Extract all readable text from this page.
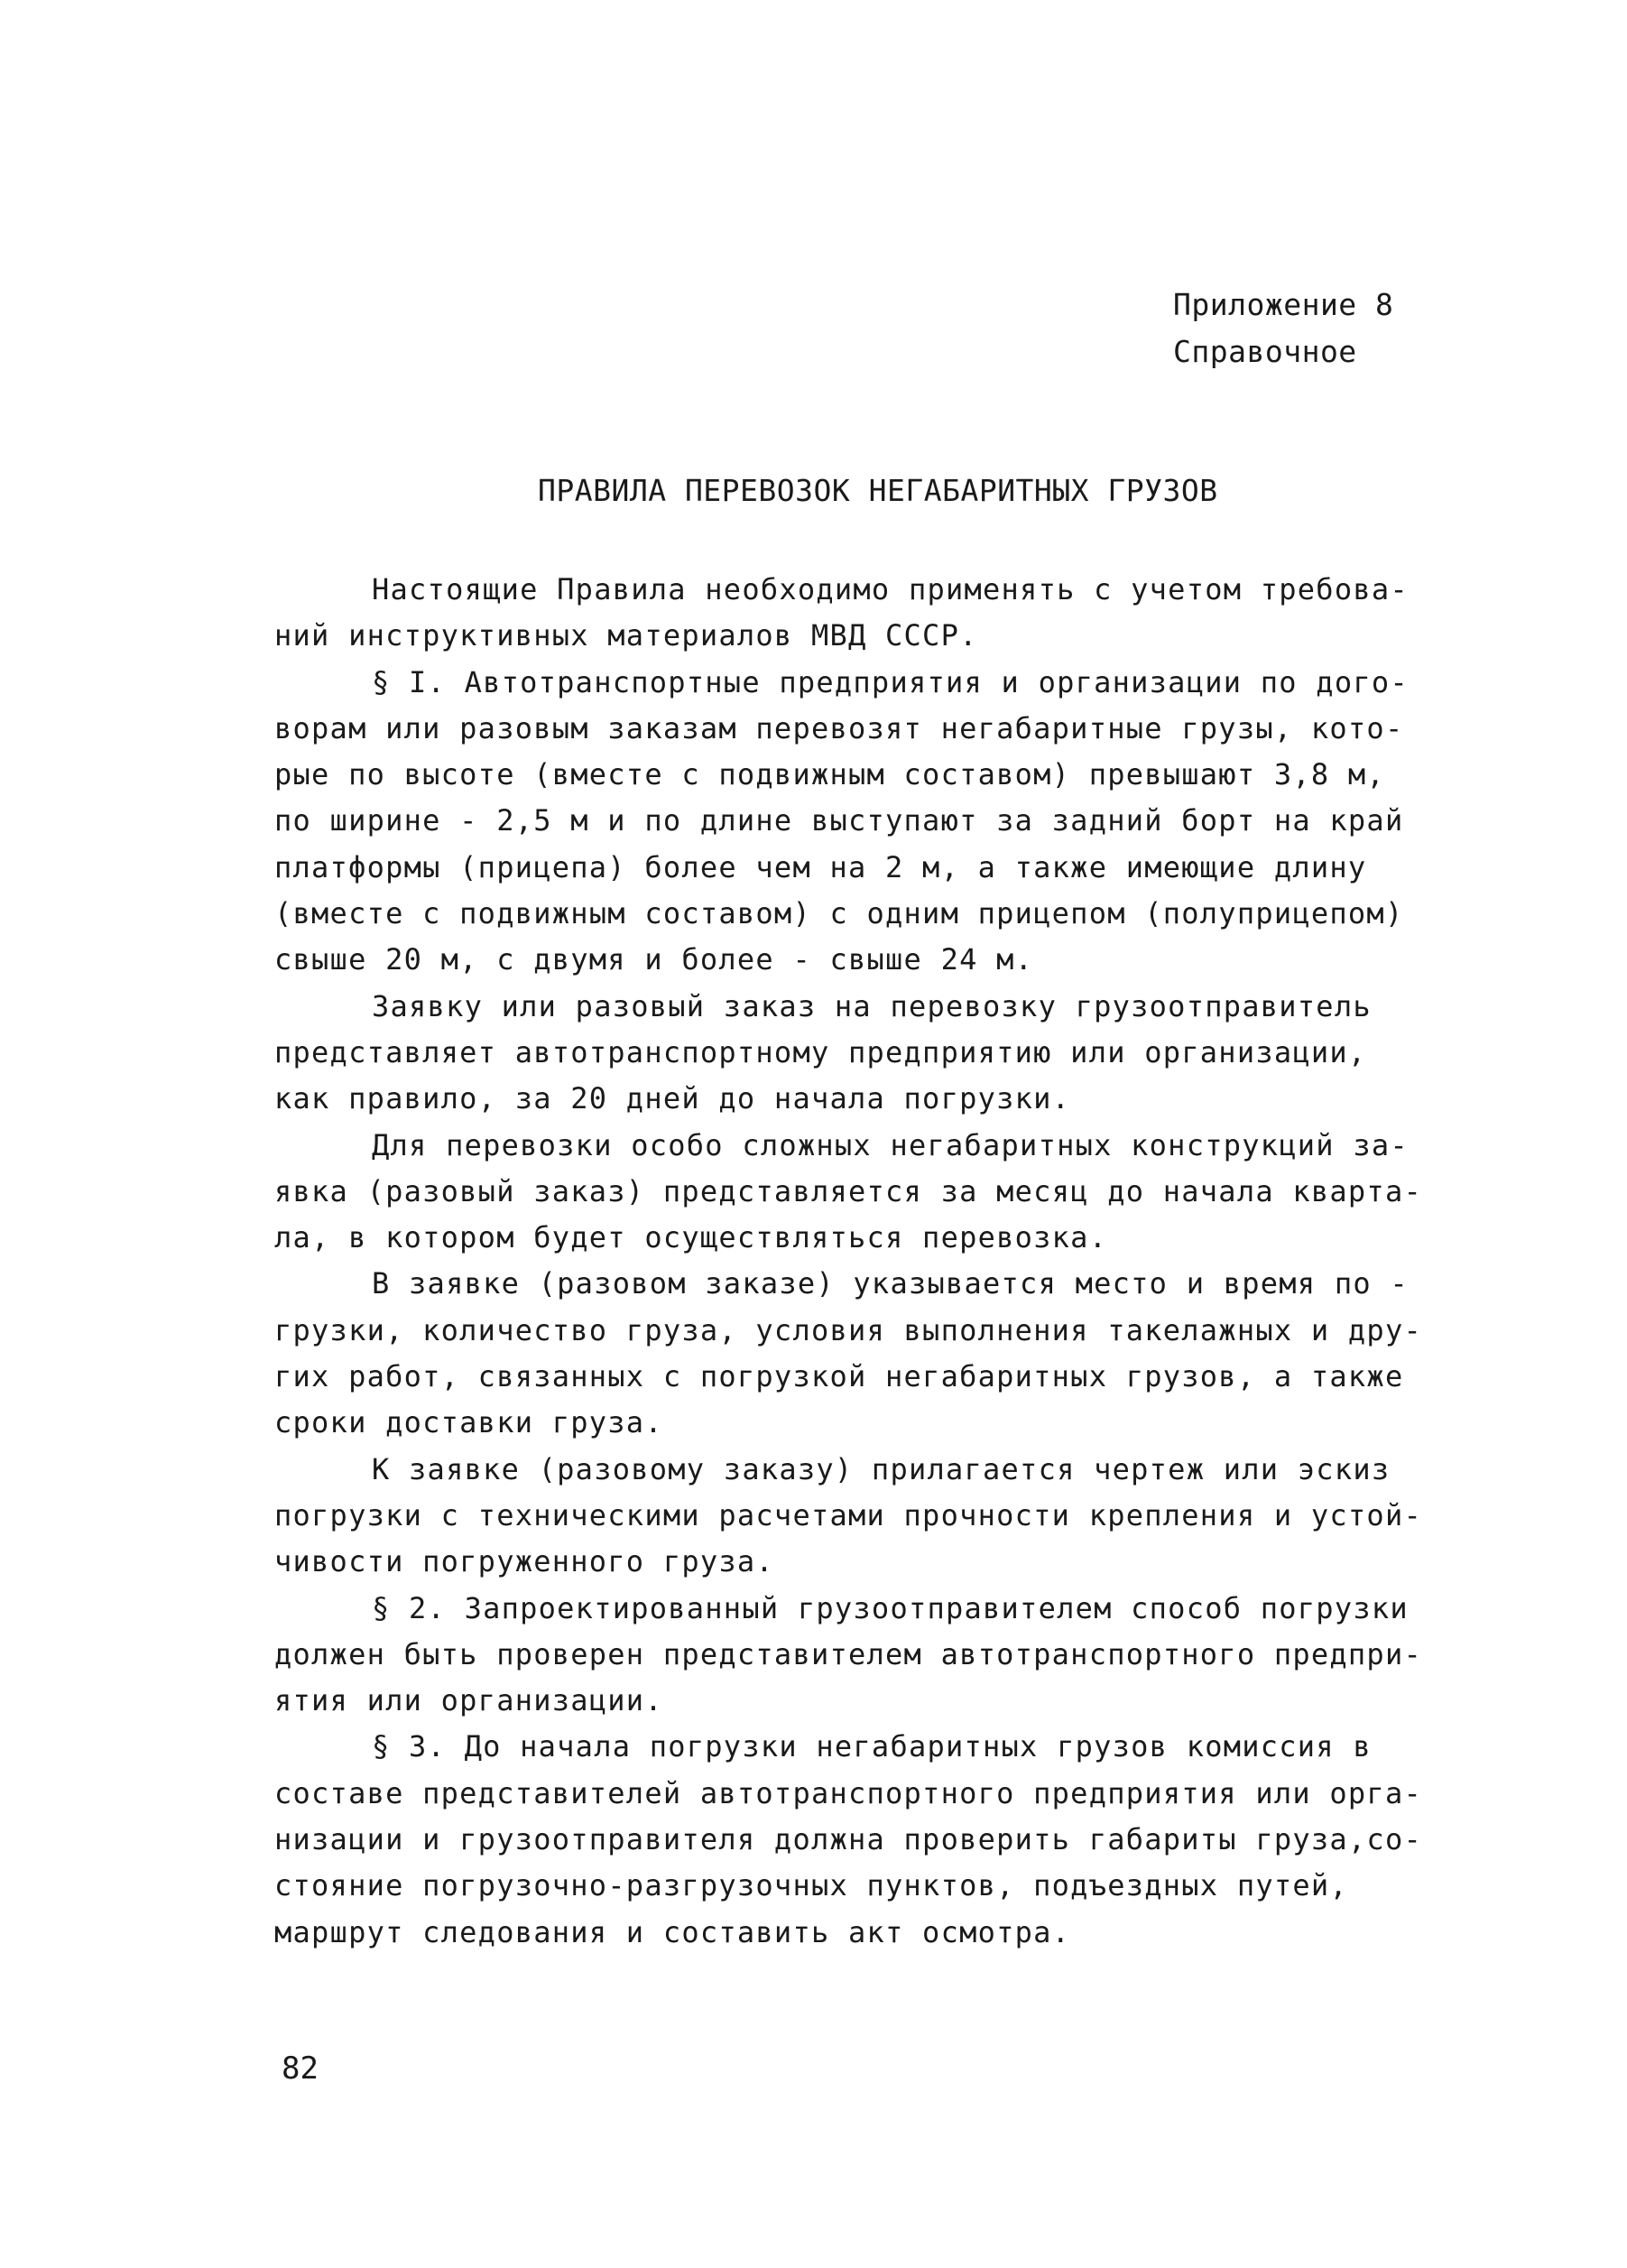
Приложение 8
Справочное
ПРАВИЛА ПЕРЕВОЗОК НЕГАБАРИТНЫХ ГРУЗОВ
Настоящие Правила необходимо применять с учетом требова-
ний инструктивных материалов МВД СССР.
§ I. Автотранспортные предприятия и организации по дого-
ворам или разовым заказам перевозят негабаритные грузы, кото-
рые по высоте (вместе с подвижным составом) превышают 3,8 м,
по ширине - 2,5 м и по длине выступают за задний борт на край
платформы (прицепа) более чем на 2 м, а также имеющие длину
(вместе с подвижным составом) с одним прицепом (полуприцепом)
свыше 20 м, с двумя и более - свыше 24 м.
Заявку или разовый заказ на перевозку грузоотправитель
представляет автотранспортному предприятию или организации,
как правило, за 20 дней до начала погрузки.
Для перевозки особо сложных негабаритных конструкций за-
явка (разовый заказ) представляется за месяц до начала кварта-
ла, в котором будет осуществляться перевозка.
В заявке (разовом заказе) указывается место и время по -
грузки, количество груза, условия выполнения такелажных и дру-
гих работ, связанных с погрузкой негабаритных грузов, а также
сроки доставки груза.
К заявке (разовому заказу) прилагается чертеж или эскиз
погрузки с техническими расчетами прочности крепления и устой-
чивости погруженного груза.
§ 2. Запроектированный грузоотправителем способ погрузки
должен быть проверен представителем автотранспортного предпри-
ятия или организации.
§ 3. До начала погрузки негабаритных грузов комиссия в
составе представителей автотранспортного предприятия или орга-
низации и грузоотправителя должна проверить габариты груза,со-
стояние погрузочно-разгрузочных пунктов, подъездных путей,
маршрут следования и составить акт осмотра.
82
